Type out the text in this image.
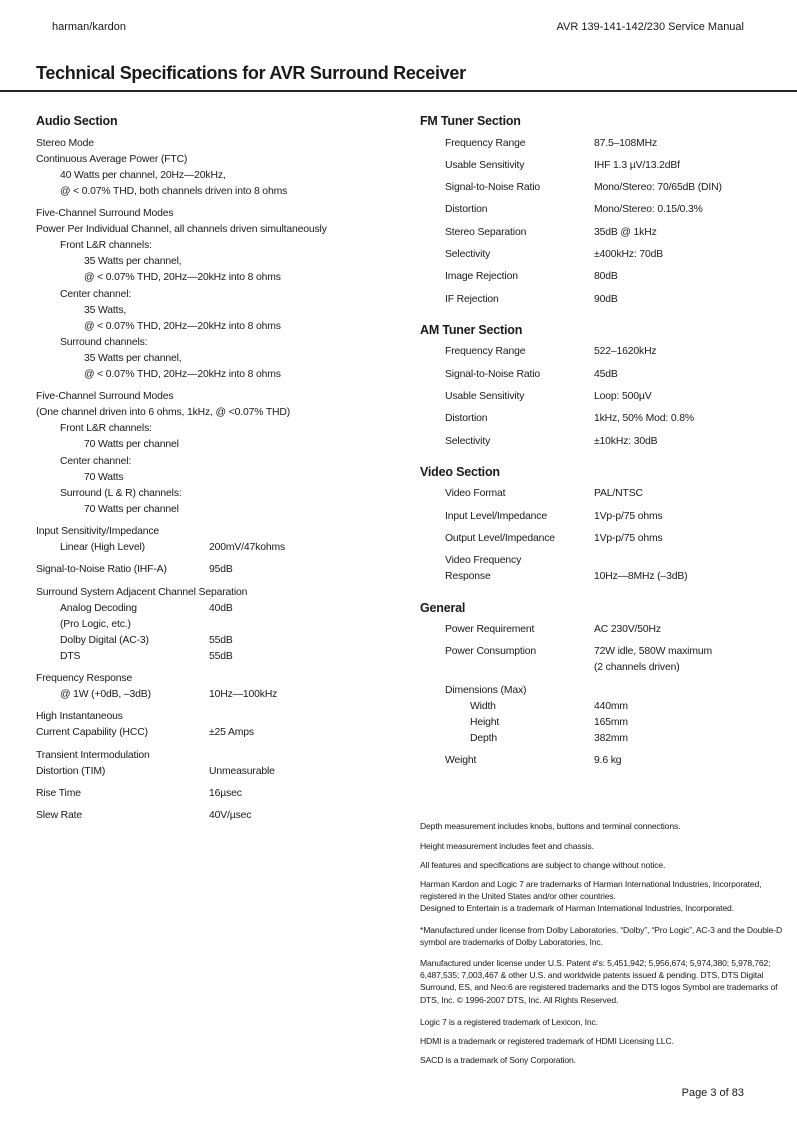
harman/kardon	AVR 139-141-142/230 Service Manual
Technical Specifications for AVR Surround Receiver
Audio Section
Stereo Mode
Continuous Average Power (FTC)
40 Watts per channel, 20Hz—20kHz,
@ < 0.07% THD, both channels driven into 8 ohms
Five-Channel Surround Modes
Power Per Individual Channel, all channels driven simultaneously
Front L&R channels:
35 Watts per channel,
@ < 0.07% THD, 20Hz—20kHz into 8 ohms
Center channel:
35 Watts,
@ < 0.07% THD, 20Hz—20kHz into 8 ohms
Surround channels:
35 Watts per channel,
@ < 0.07% THD, 20Hz—20kHz into 8 ohms
Five-Channel Surround Modes
(One channel driven into 6 ohms, 1kHz, @ <0.07% THD)
Front L&R channels:
70 Watts per channel
Center channel:
70 Watts
Surround (L & R) channels:
70 Watts per channel
Input Sensitivity/Impedance
Linear (High Level)	200mV/47kohms
Signal-to-Noise Ratio (IHF-A)	95dB
Surround System Adjacent Channel Separation
Analog Decoding	40dB
(Pro Logic, etc.)
Dolby Digital (AC-3)	55dB
DTS	55dB
Frequency Response
@ 1W (+0dB, –3dB)	10Hz—100kHz
High Instantaneous
Current Capability (HCC)	±25 Amps
Transient Intermodulation
Distortion (TIM)	Unmeasurable
Rise Time	16µsec
Slew Rate	40V/µsec
FM Tuner Section
Frequency Range	87.5–108MHz
Usable Sensitivity	IHF 1.3 µV/13.2dBf
Signal-to-Noise Ratio	Mono/Stereo: 70/65dB (DIN)
Distortion	Mono/Stereo: 0.15/0.3%
Stereo Separation	35dB @ 1kHz
Selectivity	±400kHz: 70dB
Image Rejection	80dB
IF Rejection	90dB
AM Tuner Section
Frequency Range	522–1620kHz
Signal-to-Noise Ratio	45dB
Usable Sensitivity	Loop: 500µV
Distortion	1kHz, 50% Mod: 0.8%
Selectivity	±10kHz: 30dB
Video Section
Video Format	PAL/NTSC
Input Level/Impedance	1Vp-p/75 ohms
Output Level/Impedance	1Vp-p/75 ohms
Video Frequency
Response	10Hz—8MHz (–3dB)
General
Power Requirement	AC 230V/50Hz
Power Consumption	72W idle, 580W maximum
(2 channels driven)
Dimensions (Max)
Width	440mm
Height	165mm
Depth	382mm
Weight	9.6 kg

Depth measurement includes knobs, buttons and terminal connections.

Height measurement includes feet and chassis.

All features and specifications are subject to change without notice.

Harman Kardon and Logic 7 are trademarks of Harman International Industries, Incorporated, registered in the United States and/or other countries.

Designed to Entertain is a trademark of Harman International Industries, Incorporated.

*Manufactured under license from Dolby Laboratories. “Dolby”, “Pro Logic”, AC-3 and the Double-D symbol are trademarks of Dolby Laboratories, Inc.

Manufactured under license under U.S. Patent #'s: 5,451,942; 5,956,674; 5,974,380; 5,978,762; 6,487,535; 7,003,467 & other U.S. and worldwide patents issued & pending. DTS, DTS Digital Surround, ES, and Neo:6 are registered trademarks and the DTS logos Symbol are trademarks of DTS, Inc. © 1996-2007 DTS, Inc. All Rights Reserved.

Logic 7 is a registered trademark of Lexicon, Inc.

HDMI is a trademark or registered trademark of HDMI Licensing LLC.

SACD is a trademark of Sony Corporation.

Page 3 of 83
